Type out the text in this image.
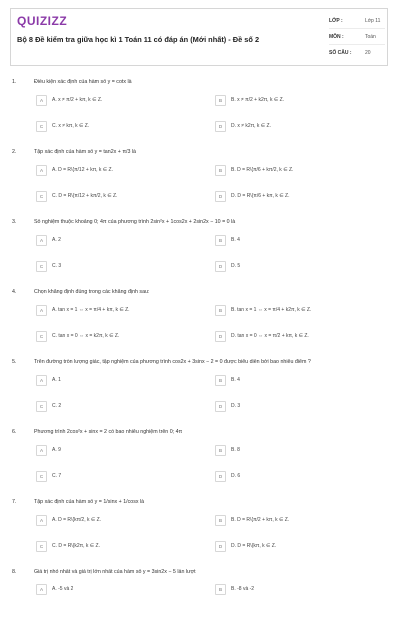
QUIZIZZ
Bộ 8 Đề kiểm tra giữa học kì 1 Toán 11 có đáp án (Mới nhất) - Đề số 2
LỚP :	Lớp 11
MÔN :	Toán
SỐ CÂU :	20
1.	Điều kiện xác định của hàm số y = cotx là
A	A. x ≠ π/2 + kπ, k ∈ Z.	B	B. x ≠ π/2 + k2π, k ∈ Z.
C	C. x ≠ kπ, k ∈ Z.	D	D. x ≠ k2π, k ∈ Z.
2.	Tập xác định của hàm số y = tan2x + π/3 là
A	A. D = R\{π/12 + kπ, k ∈ Z.	B	B. D = R\{π/6 + kπ/2, k ∈ Z.
C	C. D = R\{π/12 + kπ/2, k ∈ Z.	D	D. D = R\{π/6 + kπ, k ∈ Z.
3.	Số nghiệm thuộc khoảng 0; 4π của phương trình 2sin²x + 1cos2x + 2sin2x − 10 = 0 là
A	A. 2	B	B. 4
C	C. 3	D	D. 5
4.	Chọn khẳng định đúng trong các khẳng định sau:
A	A. tan x = 1 ⇔ x = π/4 + kπ, k ∈ Z.	B	B. tan x = 1 ⇔ x = π/4 + k2π, k ∈ Z.
C	C. tan x = 0 ⇔ x = k2π, k ∈ Z.	D	D. tan x = 0 ⇔ x = π/2 + kπ, k ∈ Z.
5.	Trên đường tròn lượng giác, tập nghiệm của phương trình cos2x + 3sinx − 2 = 0 được biểu diễn bởi bao nhiêu điểm ?
A	A. 1	B	B. 4
C	C. 2	D	D. 3
6.	Phương trình 2cos²x + sinx = 2 có bao nhiêu nghiệm trên 0; 4π
A	A. 9	B	B. 8
C	C. 7	D	D. 6
7.	Tập xác định của hàm số y = 1/sinx + 1/cosx là
A	A. D = R\{kπ/2, k ∈ Z.	B	B. D = R\{π/2 + kπ, k ∈ Z.
C	C. D = R\{k2π, k ∈ Z.	D	D. D = R\{kπ, k ∈ Z.
8.	Giá trị nhỏ nhất và giá trị lớn nhất của hàm số y = 3sin2x − 5 lần lượt
A	A. -5 và 2	B	B. -8 và -2
